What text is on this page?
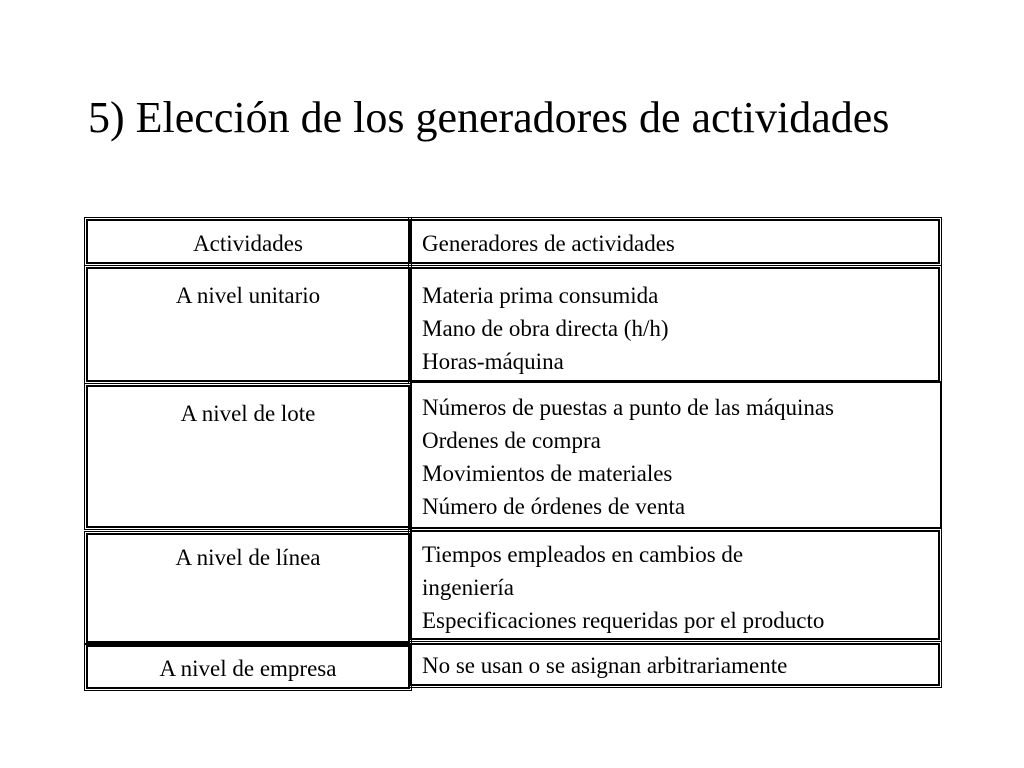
5) Elección de los generadores de actividades
Actividades	Generadores de actividades
A nivel unitario	Materia prima consumida
Mano de obra directa (h/h)
Horas-máquina
A nivel de lote	Números de puestas a punto de las máquinas
Ordenes de compra
Movimientos de materiales
Número de órdenes de venta
A nivel de línea	Tiempos empleados en cambios de
ingeniería
Especificaciones requeridas por el producto
A nivel de empresa	No se usan o se asignan arbitrariamente
